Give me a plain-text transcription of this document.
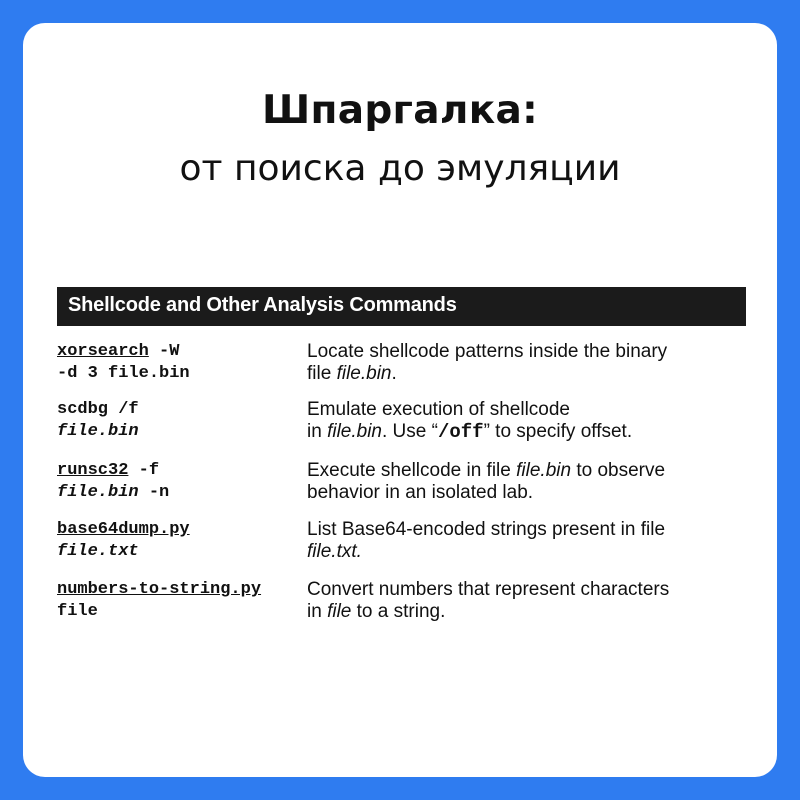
Шпаргалка:
от поиска до эмуляции
Shellcode and Other Analysis Commands
xorsearch -W
-d 3 file.bin
Locate shellcode patterns inside the binary
file file.bin.
scdbg /f
file.bin
Emulate execution of shellcode
in file.bin. Use “/off” to specify offset.
runsc32 -f
file.bin -n
Execute shellcode in file file.bin to observe
behavior in an isolated lab.
base64dump.py
file.txt
List Base64-encoded strings present in file
file.txt.
numbers-to-string.py
file
Convert numbers that represent characters
in file to a string.
